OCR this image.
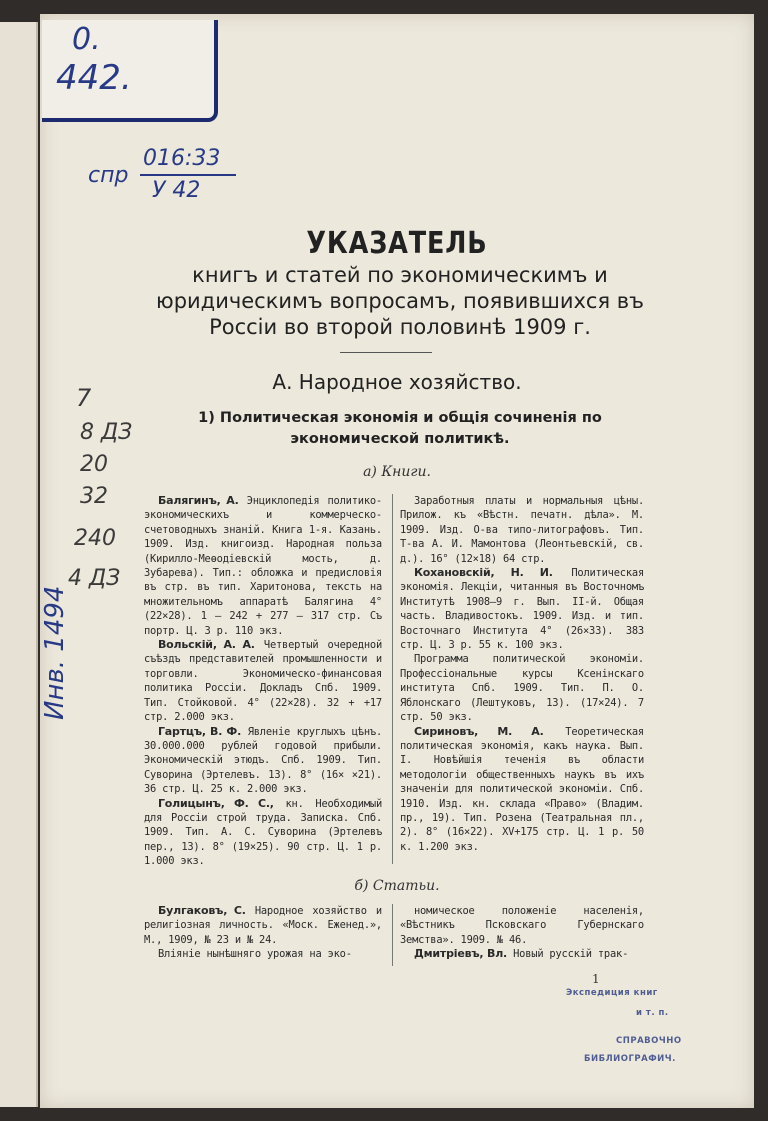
0.
442.
спр
016:33
У 42
7
8 ДЗ
20
32
240
4 ДЗ
Инв. 1494
УКАЗАТЕЛЬ
книгъ и статей по экономическимъ и юридическимъ вопросамъ, появившихся въ Россіи во второй половинѣ 1909 г.
А. Народное хозяйство.
1) Политическая экономія и общія сочиненія по экономической политикѣ.
а) Книги.

Балягинъ, А. Энциклопедія политико-экономическихъ и коммерческо-счетоводныхъ знаній. Книга 1-я. Казань. 1909. Изд. книгоизд. Народная польза (Кирилло-Меѳодіевскій мость, д. Зубарева). Тип.: обложка и предисловія въ стр. въ тип. Харитонова, тексть на множительномъ аппаратѣ Балягина 4° (22×28). 1 — 242 + 277 — 317 стр. Съ портр. Ц. 3 р. 110 экз.

Вольскій, А. А. Четвертый очередной съѣздъ представителей промышленности и торговли. Экономическо-финансовая политика Россіи. Докладъ Спб. 1909. Тип. Стойковой. 4° (22×28). 32 + +17 стр. 2.000 экз.

Гартцъ, В. Ф. Явленіе круглыхъ цѣнъ. 30.000.000 рублей годовой прибыли. Экономическій этюдъ. Спб. 1909. Тип. Суворина (Эртелевъ. 13). 8° (16× ×21). 36 стр. Ц. 25 к. 2.000 экз.

Голицынъ, Ф. С., кн. Необходимый для Россіи строй труда. Записка. Спб. 1909. Тип. А. С. Суворина (Эртелевъ пер., 13). 8° (19×25). 90 стр. Ц. 1 р. 1.000 экз.

Заработныя платы и нормальныя цѣны. Прилож. къ «Вѣстн. печатн. дѣла». М. 1909. Изд. О-ва типо-литографовъ. Тип. Т-ва А. И. Мамонтова (Леонтьевскій, св. д.). 16° (12×18) 64 стр.

Кохановскій, Н. И. Политическая экономія. Лекціи, читанныя въ Восточномъ Институтѣ 1908—9 г. Вып. II-й. Общая часть. Владивостокъ. 1909. Изд. и тип. Восточнаго Института 4° (26×33). 383 стр. Ц. 3 р. 55 к. 100 экз.

Программа политической экономіи. Профессіональные курсы Ксенінскаго института Спб. 1909. Тип. П. О. Яблонскаго (Лештуковъ, 13). (17×24). 7 стр. 50 экз.

Сириновъ, М. А. Теоретическая политическая экономія, какъ наука. Вып. I. Новѣйшія теченія въ области методологіи общественныхъ наукъ въ ихъ значеніи для политической экономіи. Спб. 1910. Изд. кн. склада «Право» (Владим. пр., 19). Тип. Розена (Театральная пл., 2). 8° (16×22). XV+175 стр. Ц. 1 р. 50 к. 1.200 экз.

б) Статьи.

Булгаковъ, С. Народное хозяйство и религіозная личность. «Моск. Еженед.», М., 1909, № 23 и № 24.

Вліяніе нынѣшняго урожая на эко-

номическое положеніе населенія, «Вѣстникъ Псковскаго Губернскаго Земства». 1909. № 46.

Дмитріевъ, Вл. Новый русскій трак-

1
Экспедиция книг
и т. п.
СПРАВОЧНО
БИБЛИОГРАФИЧ.
